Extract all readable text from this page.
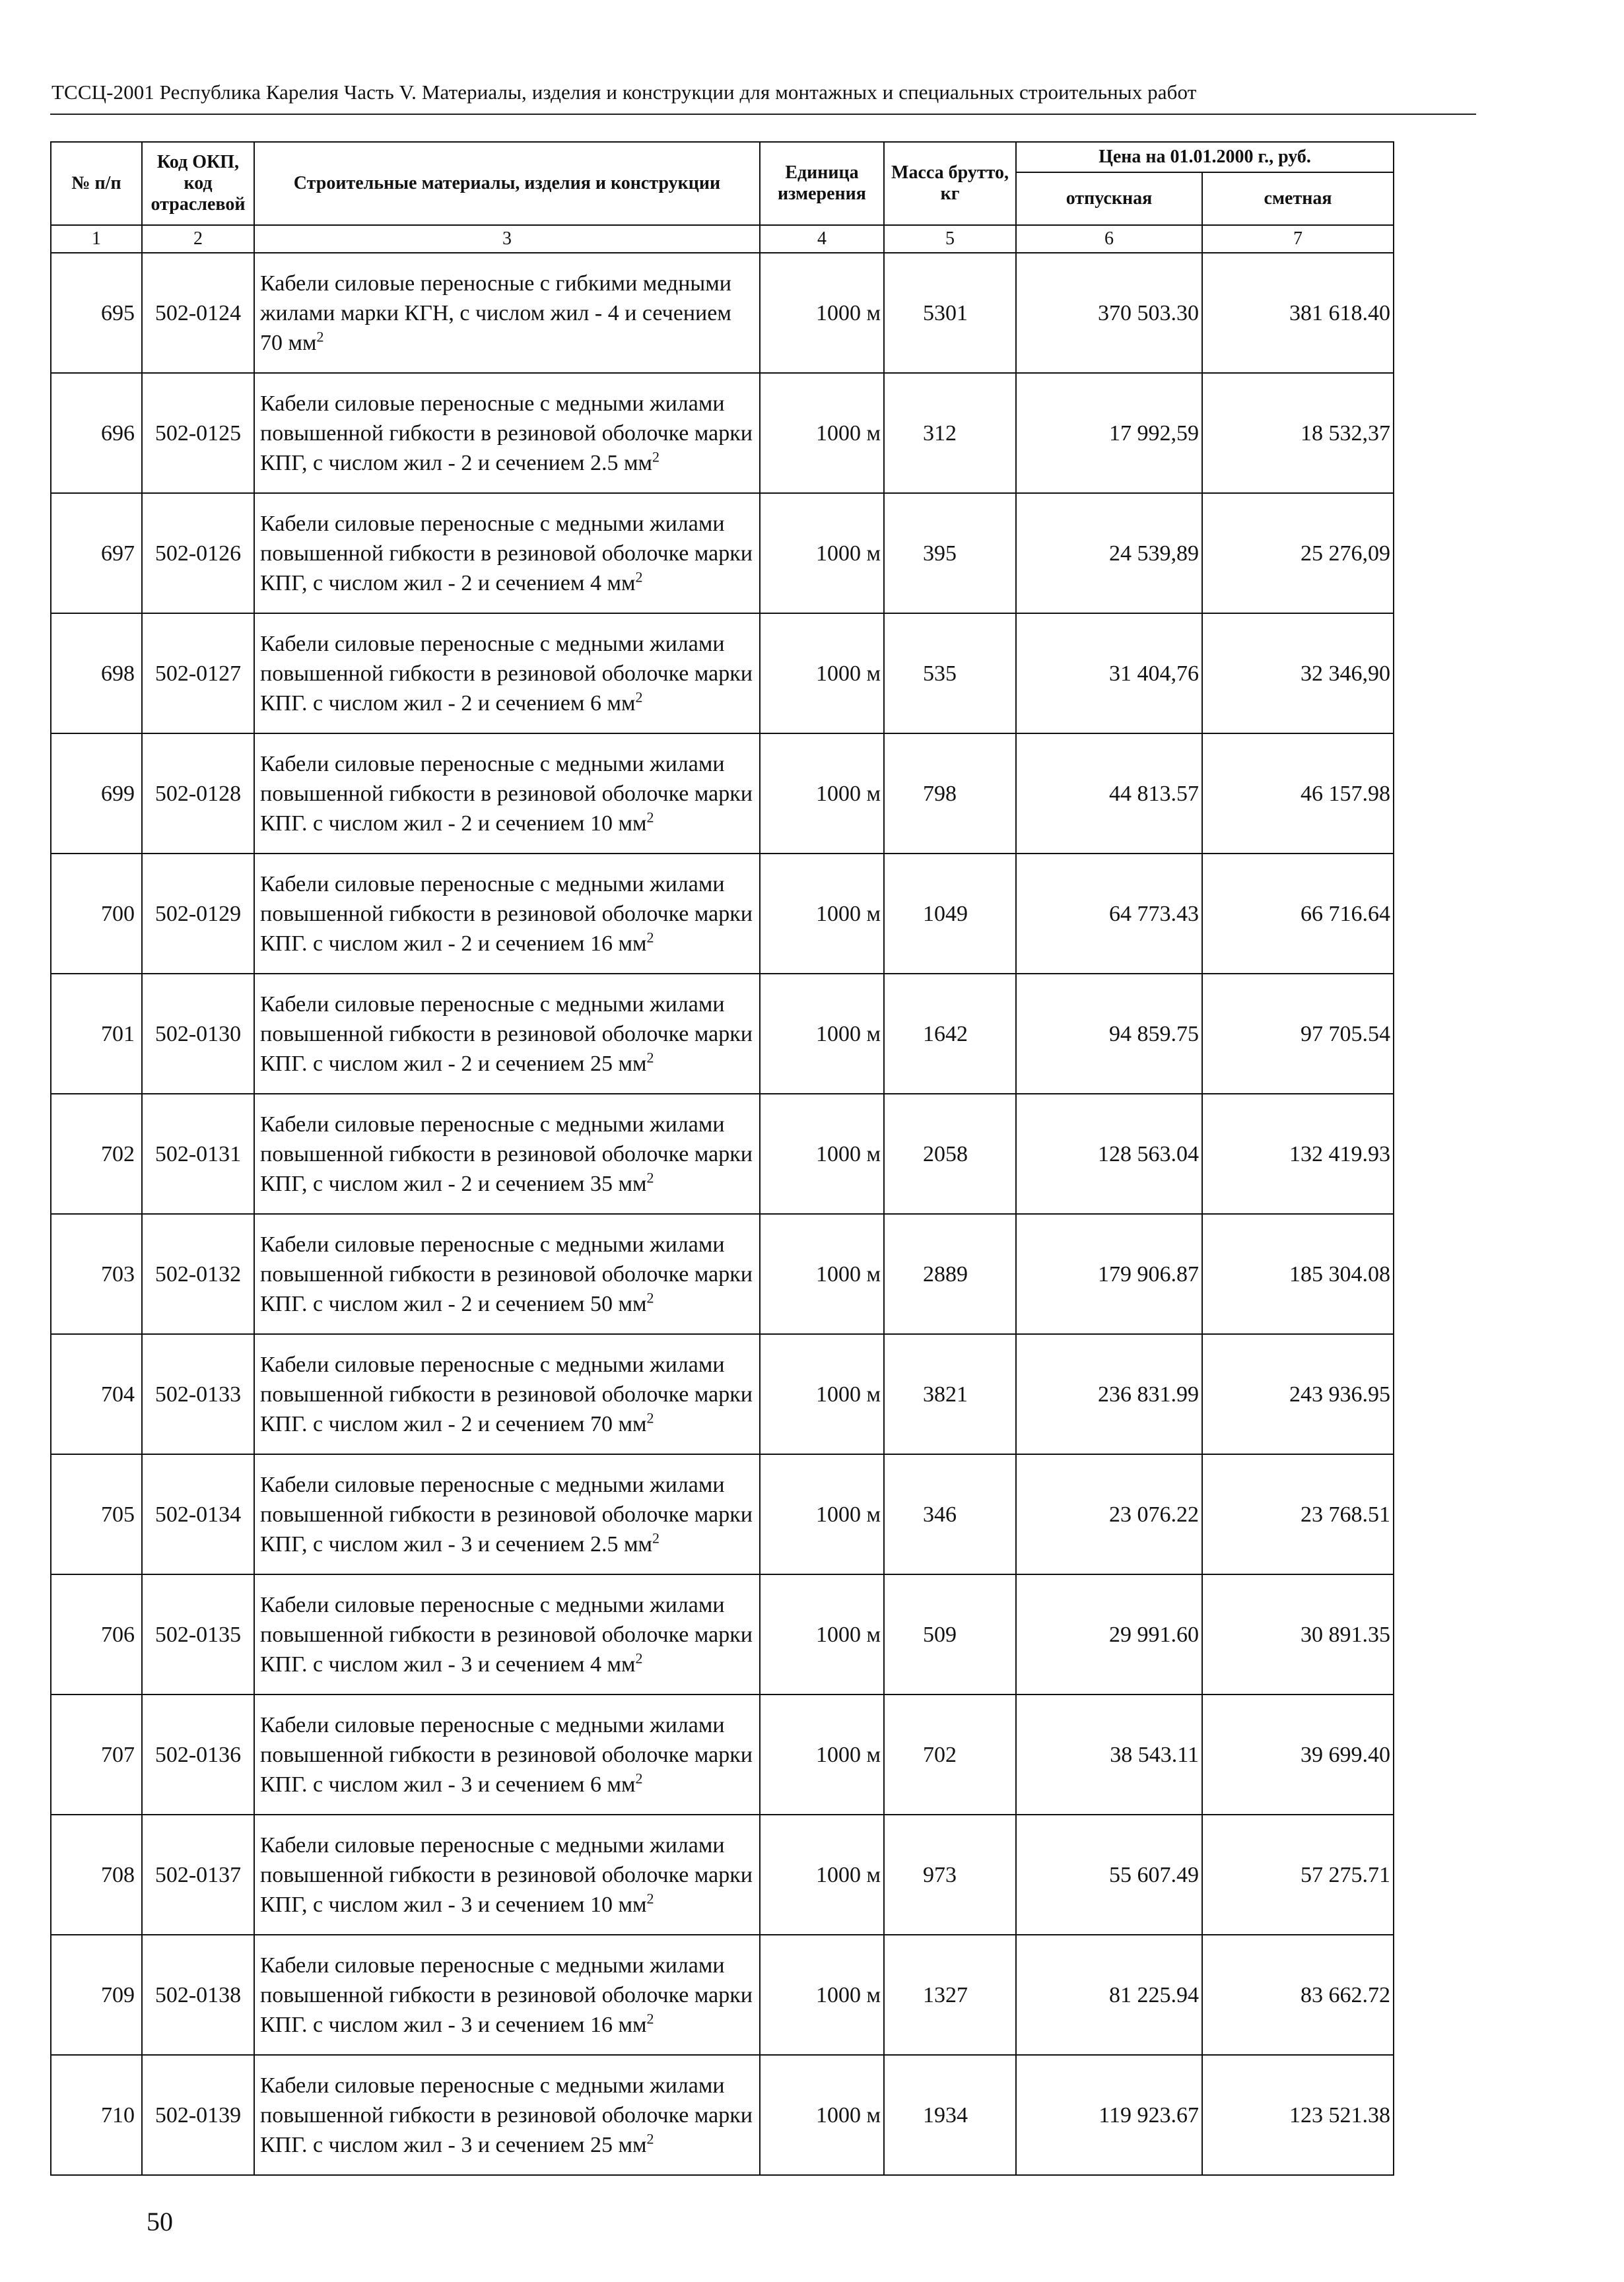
ТССЦ-2001 Республика Карелия Часть V. Материалы, изделия и конструкции для монтажных и специальных строительных работ
№ п/п	Код ОКП, код отраслевой	Строительные материалы, изделия и конструкции	Единица измерения	Масса брутто, кг	Цена на 01.01.2000 г., руб.	
					отпускная	сметная
1	2	3	4	5	6	7
695	502-0124	Кабели силовые переносные с гибкими медными жилами марки КГН, с числом жил - 4 и сечением 70 $мм^2$	1000 м	5301	370 503.30	381 618.40
696	502-0125	Кабели силовые переносные с медными жилами повышенной гибкости в резиновой оболочке марки КПГ, с числом жил - 2 и сечением 2.5 $мм^2$	1000 м	312	17 992,59	18 532,37
697	502-0126	Кабели силовые переносные с медными жилами повышенной гибкости в резиновой оболочке марки КПГ, с числом жил - 2 и сечением 4 $мм^2$	1000 м	395	24 539,89	25 276,09
698	502-0127	Кабели силовые переносные с медными жилами повышенной гибкости в резиновой оболочке марки КПГ. с числом жил - 2 и сечением 6 $мм^2$	1000 м	535	31 404,76	32 346,90
699	502-0128	Кабели силовые переносные с медными жилами повышенной гибкости в резиновой оболочке марки КПГ. с числом жил - 2 и сечением 10 $мм^2$	1000 м	798	44 813.57	46 157.98
700	502-0129	Кабели силовые переносные с медными жилами повышенной гибкости в резиновой оболочке марки КПГ. с числом жил - 2 и сечением 16 $мм^2$	1000 м	1049	64 773.43	66 716.64
701	502-0130	Кабели силовые переносные с медными жилами повышенной гибкости в резиновой оболочке марки КПГ. с числом жил - 2 и сечением 25 $мм^2$	1000 м	1642	94 859.75	97 705.54
702	502-0131	Кабели силовые переносные с медными жилами повышенной гибкости в резиновой оболочке марки КПГ, с числом жил - 2 и сечением 35 $мм^2$	1000 м	2058	128 563.04	132 419.93
703	502-0132	Кабели силовые переносные с медными жилами повышенной гибкости в резиновой оболочке марки КПГ. с числом жил - 2 и сечением 50 $мм^2$	1000 м	2889	179 906.87	185 304.08
704	502-0133	Кабели силовые переносные с медными жилами повышенной гибкости в резиновой оболочке марки КПГ. с числом жил - 2 и сечением 70 $мм^2$	1000 м	3821	236 831.99	243 936.95
705	502-0134	Кабели силовые переносные с медными жилами повышенной гибкости в резиновой оболочке марки КПГ, с числом жил - 3 и сечением 2.5 $мм^2$	1000 м	346	23 076.22	23 768.51
706	502-0135	Кабели силовые переносные с медными жилами повышенной гибкости в резиновой оболочке марки КПГ. с числом жил - 3 и сечением 4 $мм^2$	1000 м	509	29 991.60	30 891.35
707	502-0136	Кабели силовые переносные с медными жилами повышенной гибкости в резиновой оболочке марки КПГ. с числом жил - 3 и сечением 6 $мм^2$	1000 м	702	38 543.11	39 699.40
708	502-0137	Кабели силовые переносные с медными жилами повышенной гибкости в резиновой оболочке марки КПГ, с числом жил - 3 и сечением 10 $мм^2$	1000 м	973	55 607.49	57 275.71
709	502-0138	Кабели силовые переносные с медными жилами повышенной гибкости в резиновой оболочке марки КПГ. с числом жил - 3 и сечением 16 $мм^2$	1000 м	1327	81 225.94	83 662.72
710	502-0139	Кабели силовые переносные с медными жилами повышенной гибкости в резиновой оболочке марки КПГ. с числом жил - 3 и сечением 25 $мм^2$	1000 м	1934	119 923.67	123 521.38
50
